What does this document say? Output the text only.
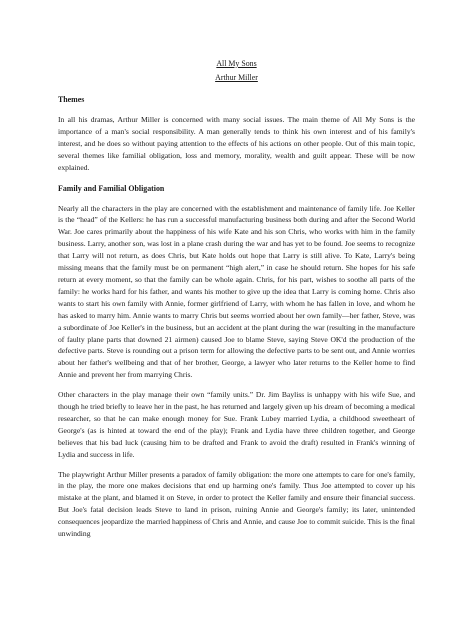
All My Sons

Arthur Miller

Themes

In all his dramas, Arthur Miller is concerned with many social issues. The main theme of All My Sons is the importance of a man's social responsibility. A man generally tends to think his own interest and of his family's interest, and he does so without paying attention to the effects of his actions on other people. Out of this main topic, several themes like familial obligation, loss and memory, morality, wealth and guilt appear. These will be now explained.

Family and Familial Obligation

Nearly all the characters in the play are concerned with the establishment and maintenance of family life. Joe Keller is the “head” of the Kellers: he has run a successful manufacturing business both during and after the Second World War. Joe cares primarily about the happiness of his wife Kate and his son Chris, who works with him in the family business. Larry, another son, was lost in a plane crash during the war and has yet to be found. Joe seems to recognize that Larry will not return, as does Chris, but Kate holds out hope that Larry is still alive. To Kate, Larry's being missing means that the family must be on permanent “high alert,” in case he should return. She hopes for his safe return at every moment, so that the family can be whole again. Chris, for his part, wishes to soothe all parts of the family: he works hard for his father, and wants his mother to give up the idea that Larry is coming home. Chris also wants to start his own family with Annie, former girlfriend of Larry, with whom he has fallen in love, and whom he has asked to marry him. Annie wants to marry Chris but seems worried about her own family—her father, Steve, was a subordinate of Joe Keller's in the business, but an accident at the plant during the war (resulting in the manufacture of faulty plane parts that downed 21 airmen) caused Joe to blame Steve, saying Steve OK'd the production of the defective parts. Steve is rounding out a prison term for allowing the defective parts to be sent out, and Annie worries about her father's wellbeing and that of her brother, George, a lawyer who later returns to the Keller home to find Annie and prevent her from marrying Chris.

Other characters in the play manage their own “family units.” Dr. Jim Bayliss is unhappy with his wife Sue, and though he tried briefly to leave her in the past, he has returned and largely given up his dream of becoming a medical researcher, so that he can make enough money for Sue. Frank Lubey married Lydia, a childhood sweetheart of George's (as is hinted at toward the end of the play); Frank and Lydia have three children together, and George believes that his bad luck (causing him to be drafted and Frank to avoid the draft) resulted in Frank's winning of Lydia and success in life.

The playwright Arthur Miller presents a paradox of family obligation: the more one attempts to care for one's family, in the play, the more one makes decisions that end up harming one's family. Thus Joe attempted to cover up his mistake at the plant, and blamed it on Steve, in order to protect the Keller family and ensure their financial success. But Joe's fatal decision leads Steve to land in prison, ruining Annie and George's family; its later, unintended consequences jeopardize the married happiness of Chris and Annie, and cause Joe to commit suicide. This is the final unwinding
